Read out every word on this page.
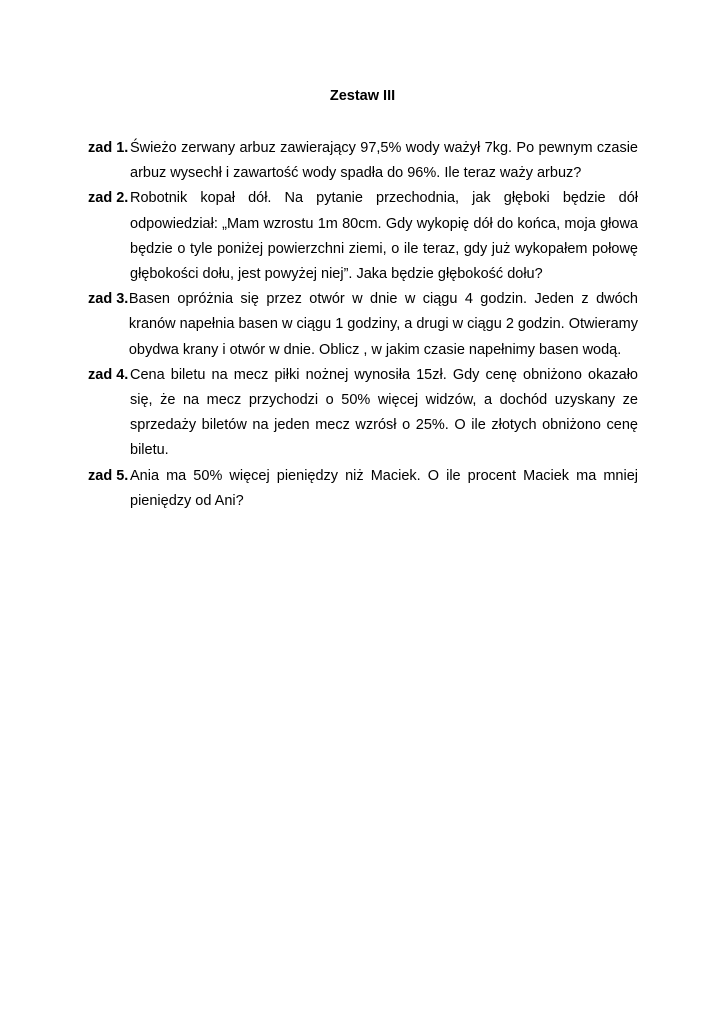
Zestaw III
zad 1. Świeżo zerwany arbuz zawierający 97,5% wody ważył 7kg. Po pewnym czasie
arbuz wysechł i zawartość wody spadła do 96%. Ile teraz waży arbuz?
zad 2. Robotnik kopał dół. Na pytanie przechodnia, jak głęboki będzie dół
odpowiedział: „Mam wzrostu 1m 80cm. Gdy wykopię dół do końca, moja głowa
będzie o tyle poniżej powierzchni ziemi, o ile teraz, gdy już wykopałem połowę
głębokości dołu, jest powyżej niej”. Jaka będzie głębokość dołu?
zad 3. Basen opróżnia się przez otwór w dnie w ciągu 4 godzin. Jeden z dwóch
kranów napełnia basen w ciągu 1 godziny, a drugi w ciągu 2 godzin. Otwieramy
obydwa krany i otwór w dnie. Oblicz , w jakim czasie napełnimy basen wodą.
zad 4. Cena biletu na mecz piłki nożnej wynosiła 15zł. Gdy cenę obniżono okazało
się, że na mecz przychodzi o 50% więcej widzów, a dochód uzyskany ze
sprzedaży biletów na jeden mecz wzrósł o 25%. O ile złotych obniżono cenę
biletu.
zad 5. Ania ma 50% więcej pieniędzy niż Maciek. O ile procent Maciek ma mniej
pieniędzy od Ani?
